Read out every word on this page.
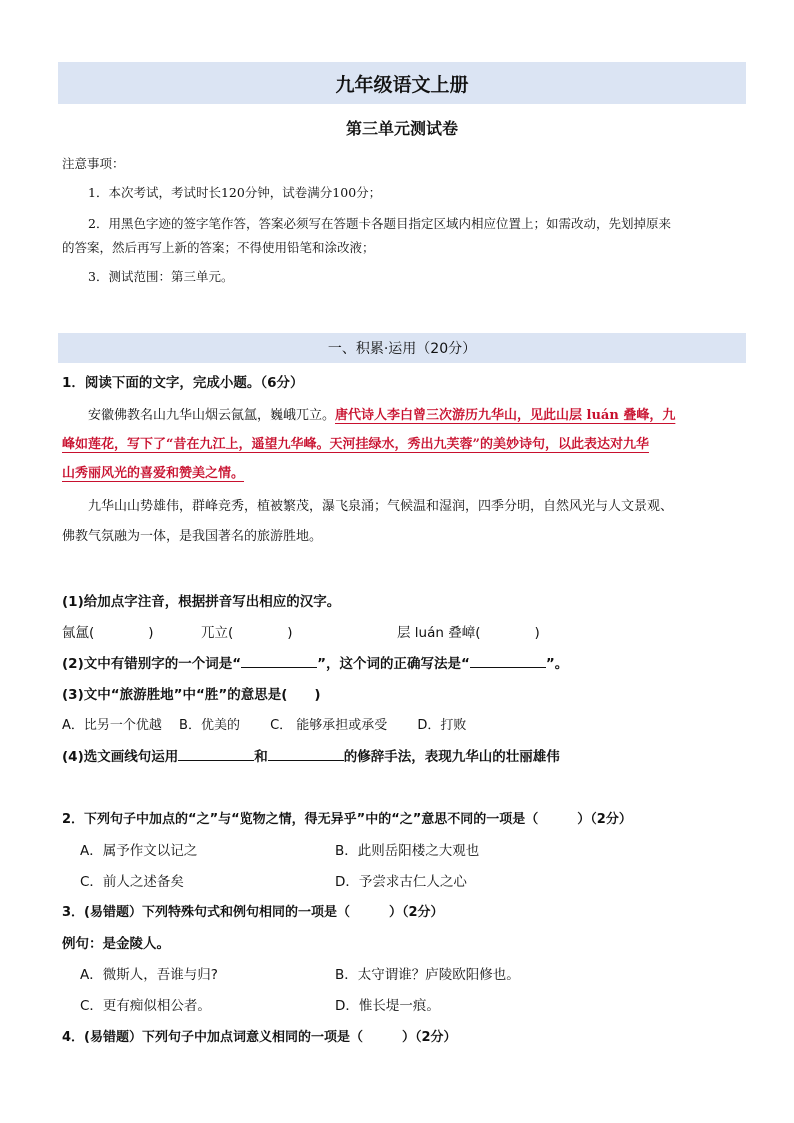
九年级语文上册
第三单元测试卷
注意事项：
1．本次考试，考试时长120分钟，试卷满分100分；
2．用黑色字迹的签字笔作答，答案必须写在答题卡各题目指定区域内相应位置上；如需改动，先划掉原来
的答案，然后再写上新的答案；不得使用铅笔和涂改液；
3．测试范围：第三单元。
一、积累·运用（20分）
1．阅读下面的文字，完成小题。（6分）
安徽佛教名山九华山烟云氤氲，巍峨兀立。唐代诗人李白曾三次游历九华山，见此山层 luán 叠峰，九
峰如莲花，写下了“昔在九江上，遥望九华峰。天河挂绿水，秀出九芙蓉”的美妙诗句，以此表达对九华
山秀丽风光的喜爱和赞美之情。
九华山山势雄伟，群峰竞秀，植被繁茂，瀑飞泉涌；气候温和湿润，四季分明，自然风光与人文景观、
佛教气氛融为一体，是我国著名的旅游胜地。
(1)给加点字注音，根据拼音写出相应的汉字。
氤氲(　　　　)	兀立(　　　　)	层 luán 叠嶂(　　　　)
(2)文中有错别字的一个词是“	”，这个词的正确写法是“	”。
(3)文中“旅游胜地”中“胜”的意思是(　　)
A．比另一个优越　 B．优美的　　 C． 能够承担或承受　　 D．打败
(4)选文画线句运用	和	的修辞手法，表现九华山的壮丽雄伟
2．下列句子中加点的“之”与“览物之情，得无异乎”中的“之”意思不同的一项是（　　　）（2分）
A．属予作文以记之	B．此则岳阳楼之大观也
C．前人之述备矣	D．予尝求古仁人之心
3．(易错题）下列特殊句式和例句相同的一项是（　　　）（2分）
例句：是金陵人。
A．微斯人，吾谁与归?	B．太守谓谁？庐陵欧阳修也。
C．更有痴似相公者。	D．惟长堤一痕。
4．(易错题）下列句子中加点词意义相同的一项是（　　　）（2分）
